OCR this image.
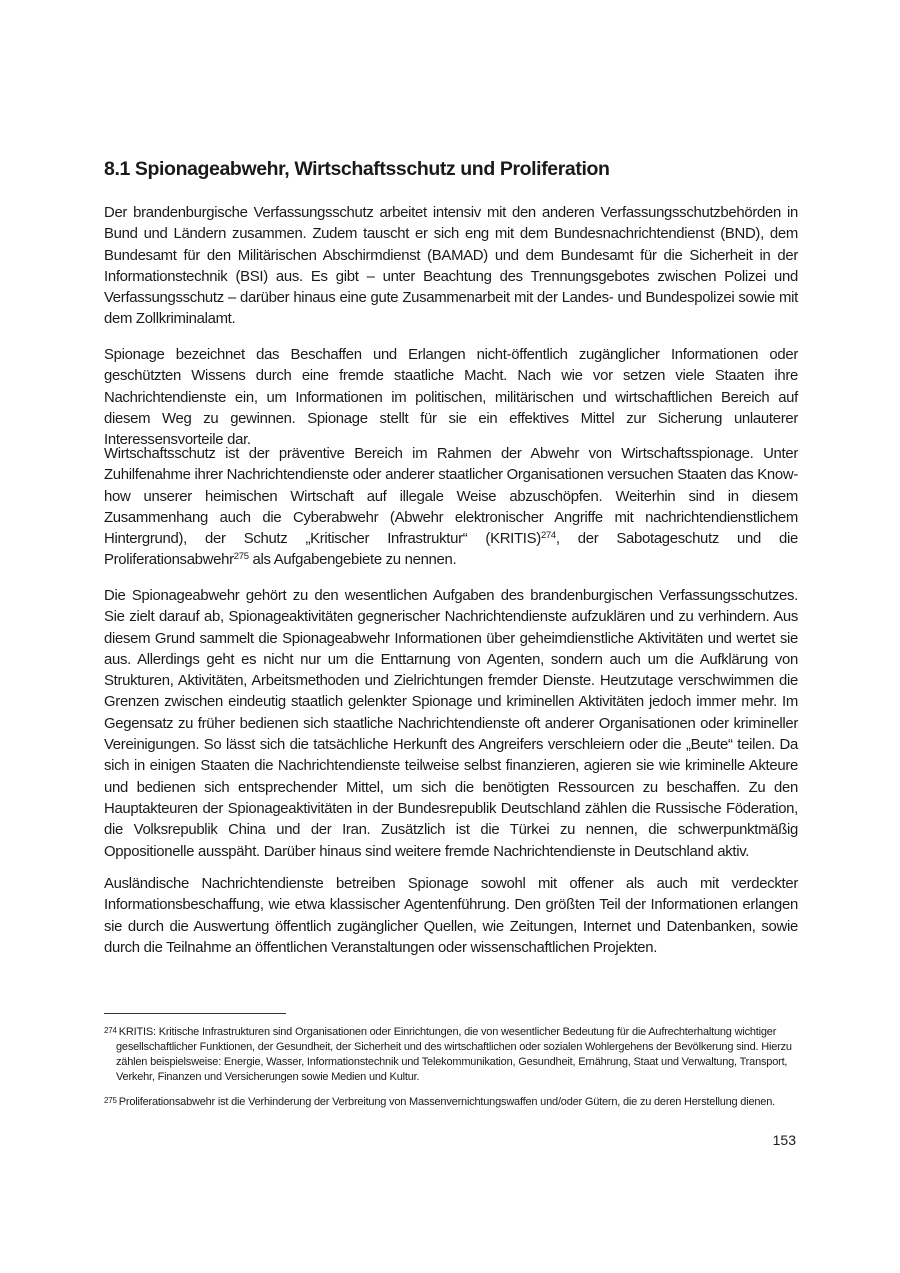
8.1 Spionageabwehr, Wirtschaftsschutz und Proliferation

Der brandenburgische Verfassungsschutz arbeitet intensiv mit den anderen Verfassungsschutzbehörden in Bund und Ländern zusammen. Zudem tauscht er sich eng mit dem Bundesnachrichtendienst (BND), dem Bundesamt für den Militärischen Abschirmdienst (BAMAD) und dem Bundesamt für die Sicherheit in der Informationstechnik (BSI) aus. Es gibt – unter Beachtung des Trennungsgebotes zwischen Polizei und Verfassungsschutz – darüber hinaus eine gute Zusammenarbeit mit der Landes- und Bundespolizei sowie mit dem Zollkriminalamt.

Spionage bezeichnet das Beschaffen und Erlangen nicht-öffentlich zugänglicher Informationen oder geschützten Wissens durch eine fremde staatliche Macht. Nach wie vor setzen viele Staaten ihre Nachrichtendienste ein, um Informationen im politischen, militärischen und wirtschaftlichen Bereich auf diesem Weg zu gewinnen. Spionage stellt für sie ein effektives Mittel zur Sicherung unlauterer Interessensvorteile dar.

Wirtschaftsschutz ist der präventive Bereich im Rahmen der Abwehr von Wirtschaftsspionage. Unter Zuhilfenahme ihrer Nachrichtendienste oder anderer staatlicher Organisationen versuchen Staaten das Know-how unserer heimischen Wirtschaft auf illegale Weise abzuschöpfen. Weiterhin sind in diesem Zusammenhang auch die Cyberabwehr (Abwehr elektronischer Angriffe mit nachrichtendienstlichem Hintergrund), der Schutz „Kritischer Infrastruktur“ (KRITIS)$^{274}$, der Sabotageschutz und die Proliferationsabwehr$^{275}$ als Aufgabengebiete zu nennen.

Die Spionageabwehr gehört zu den wesentlichen Aufgaben des brandenburgischen Verfassungsschutzes. Sie zielt darauf ab, Spionageaktivitäten gegnerischer Nachrichtendienste aufzuklären und zu verhindern. Aus diesem Grund sammelt die Spionageabwehr Informationen über geheimdienstliche Aktivitäten und wertet sie aus. Allerdings geht es nicht nur um die Enttarnung von Agenten, sondern auch um die Aufklärung von Strukturen, Aktivitäten, Arbeitsmethoden und Zielrichtungen fremder Dienste. Heutzutage verschwimmen die Grenzen zwischen eindeutig staatlich gelenkter Spionage und kriminellen Aktivitäten jedoch immer mehr. Im Gegensatz zu früher bedienen sich staatliche Nachrichtendienste oft anderer Organisationen oder krimineller Vereinigungen. So lässt sich die tatsächliche Herkunft des Angreifers verschleiern oder die „Beute“ teilen. Da sich in einigen Staaten die Nachrichtendienste teilweise selbst finanzieren, agieren sie wie kriminelle Akteure und bedienen sich entsprechender Mittel, um sich die benötigten Ressourcen zu beschaffen. Zu den Hauptakteuren der Spionageaktivitäten in der Bundesrepublik Deutschland zählen die Russische Föderation, die Volksrepublik China und der Iran. Zusätzlich ist die Türkei zu nennen, die schwerpunktmäßig Oppositionelle ausspäht. Darüber hinaus sind weitere fremde Nachrichtendienste in Deutschland aktiv.

Ausländische Nachrichtendienste betreiben Spionage sowohl mit offener als auch mit verdeckter Informationsbeschaffung, wie etwa klassischer Agentenführung. Den größten Teil der Informationen erlangen sie durch die Auswertung öffentlich zugänglicher Quellen, wie Zeitungen, Internet und Datenbanken, sowie durch die Teilnahme an öffentlichen Veranstaltungen oder wissenschaftlichen Projekten.

274 KRITIS: Kritische Infrastrukturen sind Organisationen oder Einrichtungen, die von wesentlicher Bedeutung für die Aufrechterhaltung wichtiger gesellschaftlicher Funktionen, der Gesundheit, der Sicherheit und des wirtschaftlichen oder sozialen Wohlergehens der Bevölkerung sind. Hierzu zählen beispielsweise: Energie, Wasser, Informationstechnik und Telekommunikation, Gesundheit, Ernährung, Staat und Verwaltung, Transport, Verkehr, Finanzen und Versicherungen sowie Medien und Kultur.
275 Proliferationsabwehr ist die Verhinderung der Verbreitung von Massenvernichtungswaffen und/oder Gütern, die zu deren Herstellung dienen.
153
